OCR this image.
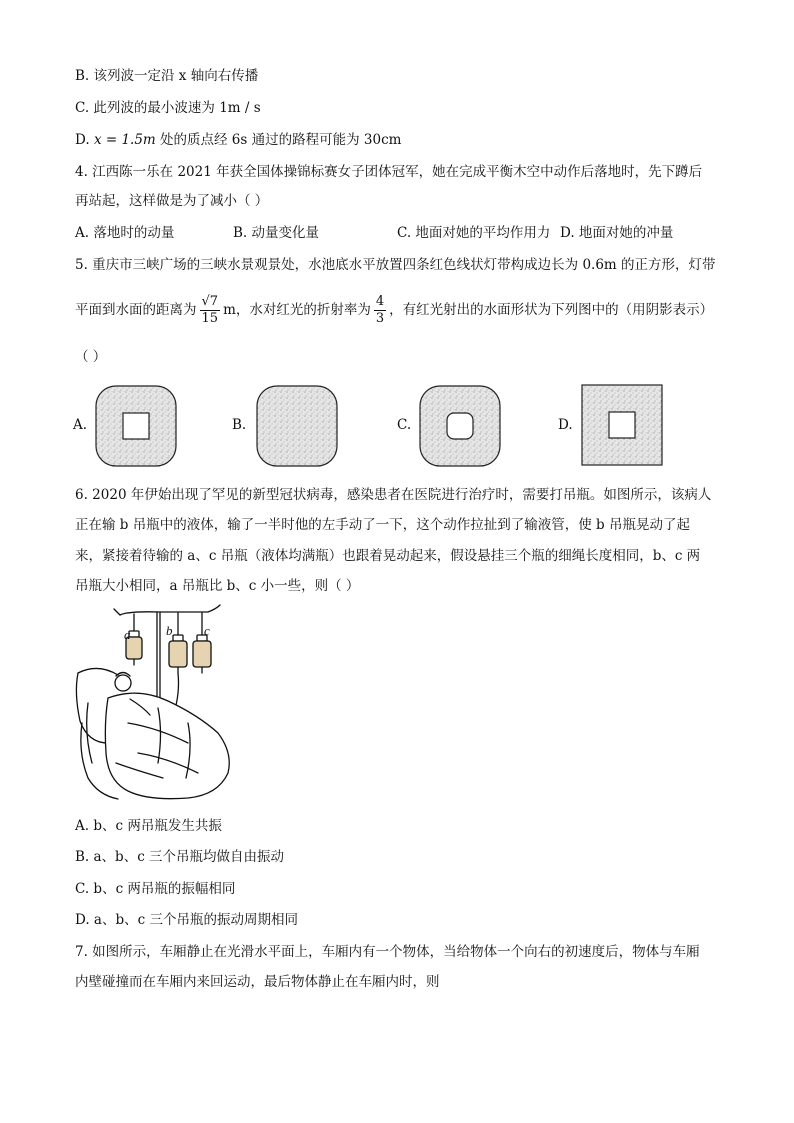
B. 该列波一定沿 x 轴向右传播
C. 此列波的最小波速为 1m / s
D. x = 1.5m 处的质点经 6s 通过的路程可能为 30cm
4. 江西陈一乐在 2021 年获全国体操锦标赛女子团体冠军，她在完成平衡木空中动作后落地时，先下蹲后
再站起，这样做是为了减小（ ）
A. 落地时的动量	B. 动量变化量	C. 地面对她的平均作用力 D. 地面对她的冲量
5. 重庆市三峡广场的三峡水景观景处，水池底水平放置四条红色线状灯带构成边长为 0.6m 的正方形，灯带
平面到水面的距离为 $\frac{√7}{15}$ m，水对红光的折射率为 $\frac{4}{3}$ ，有红光射出的水面形状为下列图中的（用阴影表示）
（ ）
A.	B.	C.	D.
6. 2020 年伊始出现了罕见的新型冠状病毒，感染患者在医院进行治疗时，需要打吊瓶。如图所示，该病人
正在输 b 吊瓶中的液体，输了一半时他的左手动了一下，这个动作拉扯到了输液管，使 b 吊瓶晃动了起
来，紧接着待输的 a、c 吊瓶（液体均满瓶）也跟着晃动起来，假设悬挂三个瓶的细绳长度相同，b、c 两
吊瓶大小相同，a 吊瓶比 b、c 小一些，则（ ）
a	b c
A. b、c 两吊瓶发生共振
B. a、b、c 三个吊瓶均做自由振动
C. b、c 两吊瓶的振幅相同
D. a、b、c 三个吊瓶的振动周期相同
7. 如图所示，车厢静止在光滑水平面上，车厢内有一个物体，当给物体一个向右的初速度后，物体与车厢
内壁碰撞而在车厢内来回运动，最后物体静止在车厢内时，则
